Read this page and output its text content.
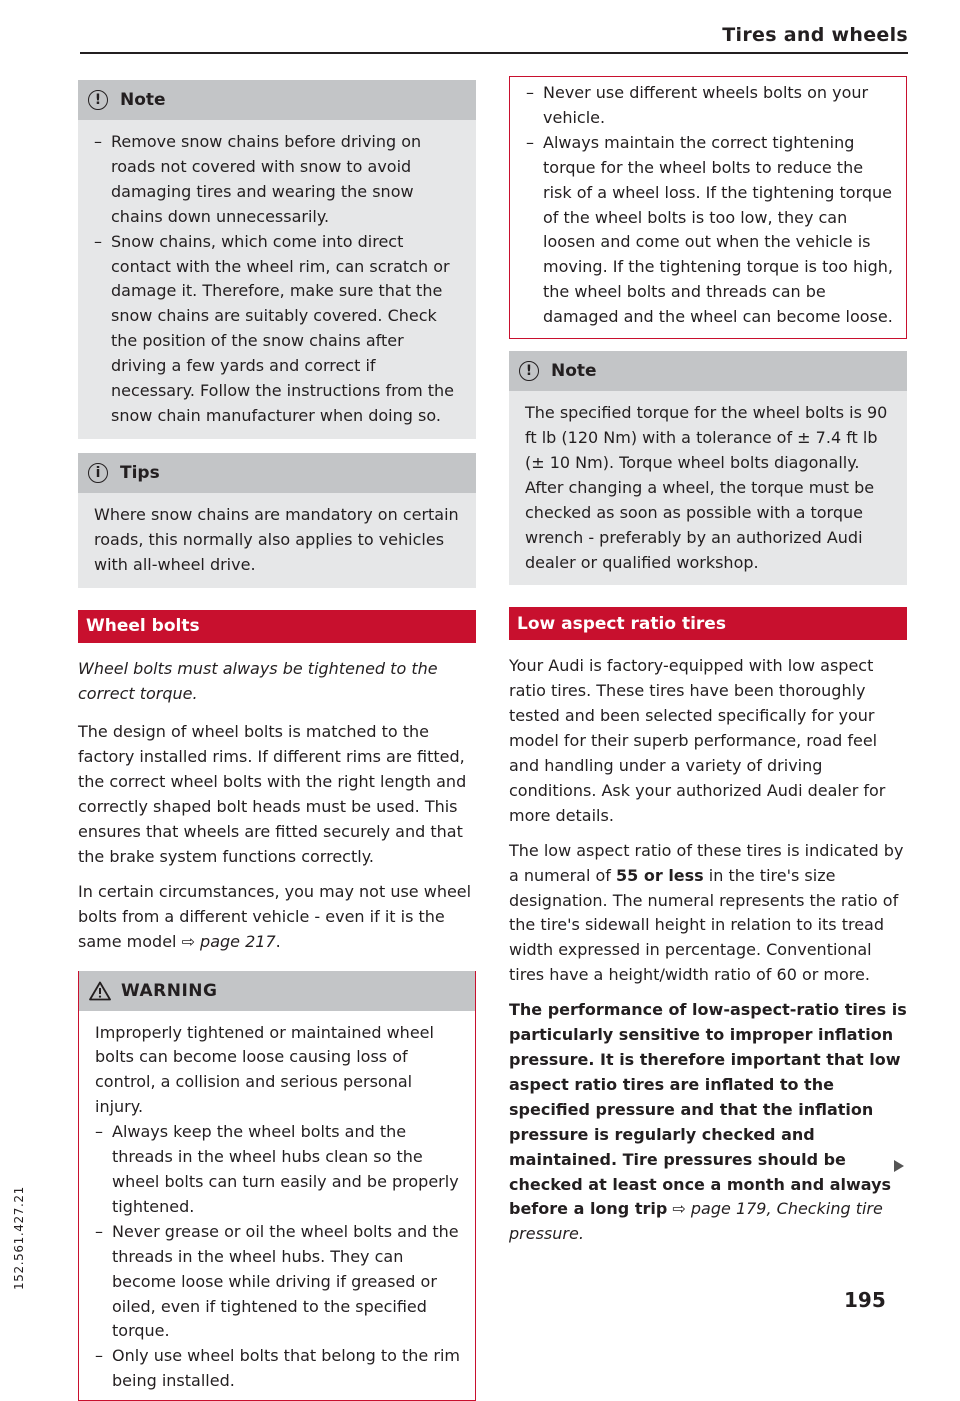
Tires and wheels
!	Note
– Remove snow chains before driving on roads not covered with snow to avoid damaging tires and wearing the snow chains down unnecessarily.
– Snow chains, which come into direct contact with the wheel rim, can scratch or damage it. Therefore, make sure that the snow chains are suitably covered. Check the position of the snow chains after driving a few yards and correct if necessary. Follow the instructions from the snow chain manufacturer when doing so.
i	Tips

Where snow chains are mandatory on certain roads, this normally also applies to vehicles with all-wheel drive.

Wheel bolts

Wheel bolts must always be tightened to the correct torque.

The design of wheel bolts is matched to the factory installed rims. If different rims are fitted, the correct wheel bolts with the right length and correctly shaped bolt heads must be used. This ensures that wheels are fitted securely and that the brake system functions correctly.

In certain circumstances, you may not use wheel bolts from a different vehicle - even if it is the same model ⇨ page 217.

WARNING

Improperly tightened or maintained wheel bolts can become loose causing loss of control, a collision and serious personal injury.

– Always keep the wheel bolts and the threads in the wheel hubs clean so the wheel bolts can turn easily and be properly tightened.
– Never grease or oil the wheel bolts and the threads in the wheel hubs. They can become loose while driving if greased or oiled, even if tightened to the specified torque.
– Only use wheel bolts that belong to the rim being installed.
– Never use different wheels bolts on your vehicle.
– Always maintain the correct tightening torque for the wheel bolts to reduce the risk of a wheel loss. If the tightening torque of the wheel bolts is too low, they can loosen and come out when the vehicle is moving. If the tightening torque is too high, the wheel bolts and threads can be damaged and the wheel can become loose.
!	Note

The specified torque for the wheel bolts is 90 ft lb (120 Nm) with a tolerance of ± 7.4 ft lb (± 10 Nm). Torque wheel bolts diagonally. After changing a wheel, the torque must be checked as soon as possible with a torque wrench - preferably by an authorized Audi dealer or qualified workshop.

Low aspect ratio tires

Your Audi is factory-equipped with low aspect ratio tires. These tires have been thoroughly tested and been selected specifically for your model for their superb performance, road feel and handling under a variety of driving conditions. Ask your authorized Audi dealer for more details.

The low aspect ratio of these tires is indicated by a numeral of 55 or less in the tire's size designation. The numeral represents the ratio of the tire's sidewall height in relation to its tread width expressed in percentage. Conventional tires have a height/width ratio of 60 or more.

The performance of low-aspect-ratio tires is particularly sensitive to improper inflation pressure. It is therefore important that low aspect ratio tires are inflated to the specified pressure and that the inflation pressure is regularly checked and maintained. Tire pressures should be checked at least once a month and always before a long trip ⇨ page 179, Checking tire pressure.

195
152.561.427.21
